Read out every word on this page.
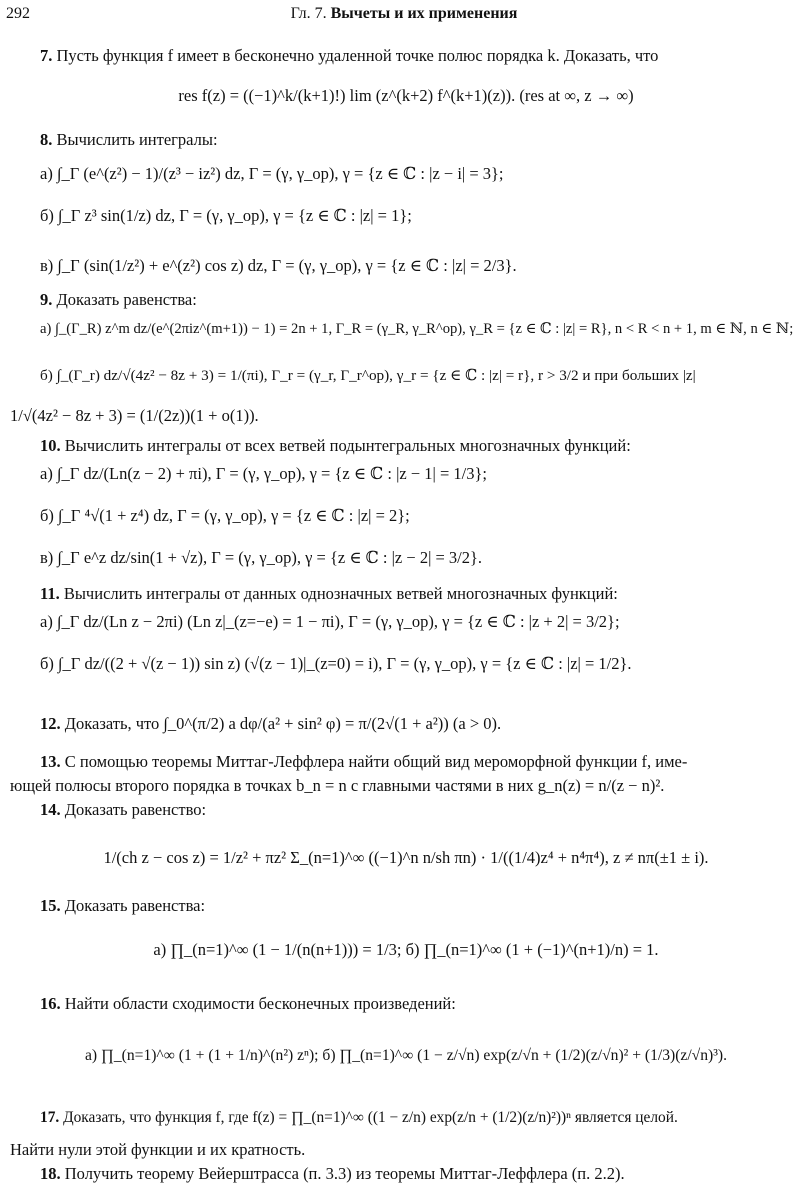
292	Гл. 7. Вычеты и их применения
7. Пусть функция f имеет в бесконечно удаленной точке полюс порядка k. Доказать, что
res f(z) = ((−1)^k/(k+1)!) lim (z^(k+2) f^(k+1)(z)). (res at ∞, z → ∞)
8. Вычислить интегралы:
а) ∫_Γ (e^(z²) − 1)/(z³ − iz²) dz, Γ = (γ, γ_op), γ = {z ∈ ℂ : |z − i| = 3};
б) ∫_Γ z³ sin(1/z) dz, Γ = (γ, γ_op), γ = {z ∈ ℂ : |z| = 1};
в) ∫_Γ (sin(1/z²) + e^(z²) cos z) dz, Γ = (γ, γ_op), γ = {z ∈ ℂ : |z| = 2/3}.
9. Доказать равенства:
а) ∫_(Γ_R) z^m dz/(e^(2πiz^(m+1)) − 1) = 2n + 1, Γ_R = (γ_R, γ_R^op), γ_R = {z ∈ ℂ : |z| = R}, n < R < n + 1, m ∈ ℕ, n ∈ ℕ;
б) ∫_(Γ_r) dz/√(4z² − 8z + 3) = 1/(πi), Γ_r = (γ_r, Γ_r^op), γ_r = {z ∈ ℂ : |z| = r}, r > 3/2 и при больших |z|
1/√(4z² − 8z + 3) = (1/(2z))(1 + o(1)).
10. Вычислить интегралы от всех ветвей подынтегральных многозначных функций:
а) ∫_Γ dz/(Ln(z − 2) + πi), Γ = (γ, γ_op), γ = {z ∈ ℂ : |z − 1| = 1/3};
б) ∫_Γ ⁴√(1 + z⁴) dz, Γ = (γ, γ_op), γ = {z ∈ ℂ : |z| = 2};
в) ∫_Γ e^z dz/sin(1 + √z), Γ = (γ, γ_op), γ = {z ∈ ℂ : |z − 2| = 3/2}.
11. Вычислить интегралы от данных однозначных ветвей многозначных функций:
а) ∫_Γ dz/(Ln z − 2πi) (Ln z|_(z=−e) = 1 − πi), Γ = (γ, γ_op), γ = {z ∈ ℂ : |z + 2| = 3/2};
б) ∫_Γ dz/((2 + √(z − 1)) sin z) (√(z − 1)|_(z=0) = i), Γ = (γ, γ_op), γ = {z ∈ ℂ : |z| = 1/2}.
12. Доказать, что ∫_0^(π/2) a dφ/(a² + sin² φ) = π/(2√(1 + a²)) (a > 0).
13. С помощью теоремы Миттаг-Леффлера найти общий вид мероморфной функции f, име-
ющей полюсы второго порядка в точках b_n = n с главными частями в них g_n(z) = n/(z − n)².
14. Доказать равенство:
1/(ch z − cos z) = 1/z² + πz² Σ_(n=1)^∞ ((−1)^n n/sh πn) · 1/((1/4)z⁴ + n⁴π⁴), z ≠ nπ(±1 ± i).
15. Доказать равенства:
а) ∏_(n=1)^∞ (1 − 1/(n(n+1))) = 1/3; б) ∏_(n=1)^∞ (1 + (−1)^(n+1)/n) = 1.
16. Найти области сходимости бесконечных произведений:
а) ∏_(n=1)^∞ (1 + (1 + 1/n)^(n²) zⁿ); б) ∏_(n=1)^∞ (1 − z/√n) exp(z/√n + (1/2)(z/√n)² + (1/3)(z/√n)³).
17. Доказать, что функция f, где f(z) = ∏_(n=1)^∞ ((1 − z/n) exp(z/n + (1/2)(z/n)²))ⁿ является целой.
Найти нули этой функции и их кратность.
18. Получить теорему Вейерштрасса (п. 3.3) из теоремы Миттаг-Леффлера (п. 2.2).
